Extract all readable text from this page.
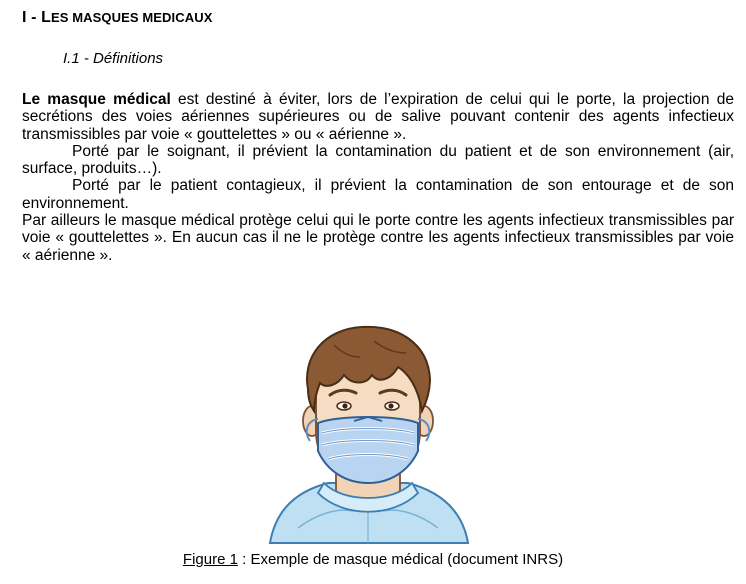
I - LES MASQUES MEDICAUX
I.1 - Définitions

Le masque médical est destiné à éviter, lors de l’expiration de celui qui le porte, la projection de secrétions des voies aériennes supérieures ou de salive pouvant contenir des agents infectieux transmissibles par voie « gouttelettes » ou « aérienne ».

Porté par le soignant, il prévient la contamination du patient et de son environnement (air, surface, produits…).

Porté par le patient contagieux, il prévient la contamination de son entourage et de son environnement.

Par ailleurs le masque médical protège celui qui le porte contre les agents infectieux transmissibles par voie « gouttelettes ». En aucun cas il ne le protège contre les agents infectieux transmissibles par voie « aérienne ».

Figure 1 : Exemple de masque médical (document INRS)
